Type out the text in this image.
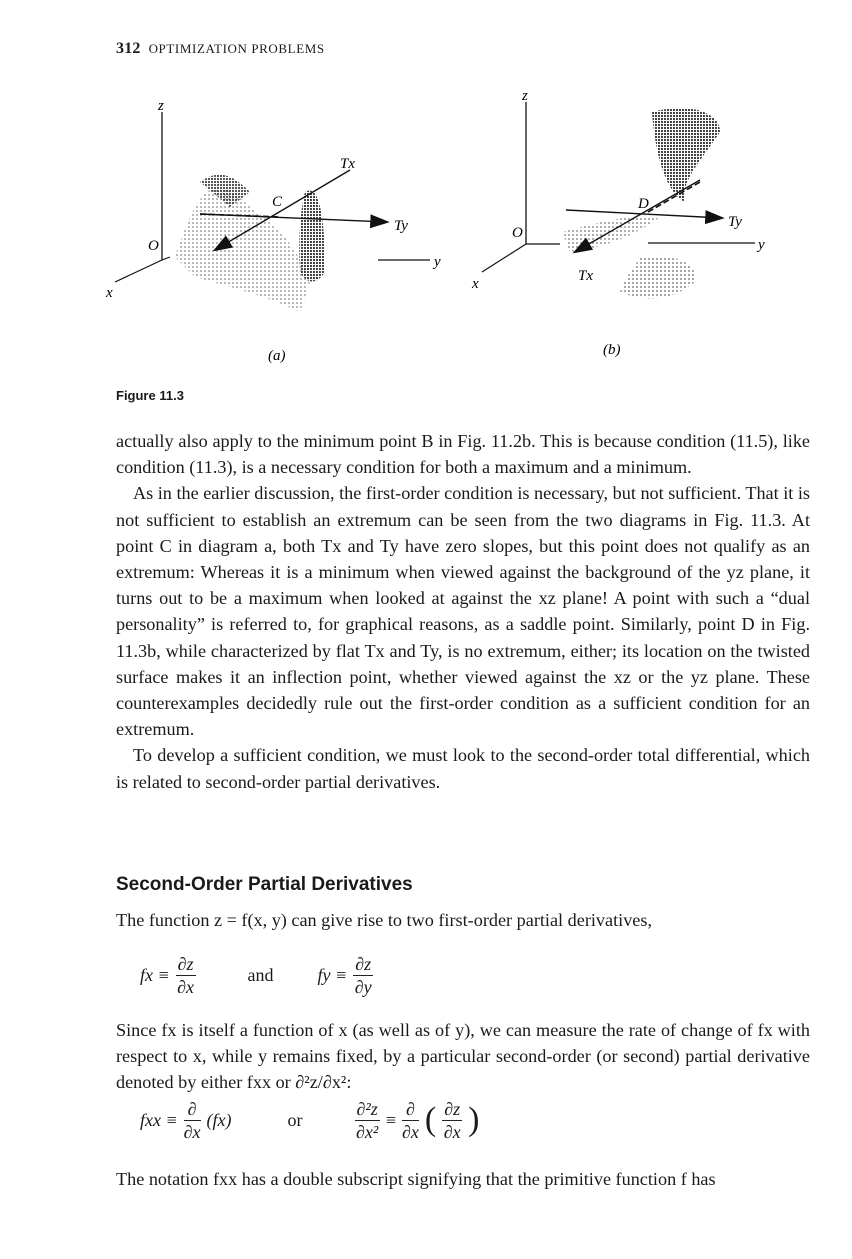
312 OPTIMIZATION PROBLEMS
z
x
y
O
C
Tx
Ty
(a)
z
x
y
O
D
Tx
Ty
(b)
Figure 11.3

actually also apply to the minimum point B in Fig. 11.2b. This is because condition (11.5), like condition (11.3), is a necessary condition for both a maximum and a minimum.

As in the earlier discussion, the first-order condition is necessary, but not sufficient. That it is not sufficient to establish an extremum can be seen from the two diagrams in Fig. 11.3. At point C in diagram a, both Tx and Ty have zero slopes, but this point does not qualify as an extremum: Whereas it is a minimum when viewed against the background of the yz plane, it turns out to be a maximum when looked at against the xz plane! A point with such a “dual personality” is referred to, for graphical reasons, as a saddle point. Similarly, point D in Fig. 11.3b, while characterized by flat Tx and Ty, is no extremum, either; its location on the twisted surface makes it an inflection point, whether viewed against the xz or the yz plane. These counterexamples decidedly rule out the first-order condition as a sufficient condition for an extremum.

To develop a sufficient condition, we must look to the second-order total differential, which is related to second-order partial derivatives.

Second-Order Partial Derivatives
The function z = f(x, y) can give rise to two first-order partial derivatives,
fx ≡ $\frac{\partial z}{\partial x}$	and fy ≡ $\frac{\partial z}{\partial y}$
Since fx is itself a function of x (as well as of y), we can measure the rate of change of fx with respect to x, while y remains fixed, by a particular second-order (or second) partial derivative denoted by either fxx or ∂²z/∂x²:
fxx ≡ $\frac{\partial}{\partial x} (fx)$	or	$\frac{\text{∂²z}}{\text{∂x²}} \equiv \frac{\partial}{\partial x}$ ( $\frac{\partial z}{\partial x}$ )
The notation fxx has a double subscript signifying that the primitive function f has
